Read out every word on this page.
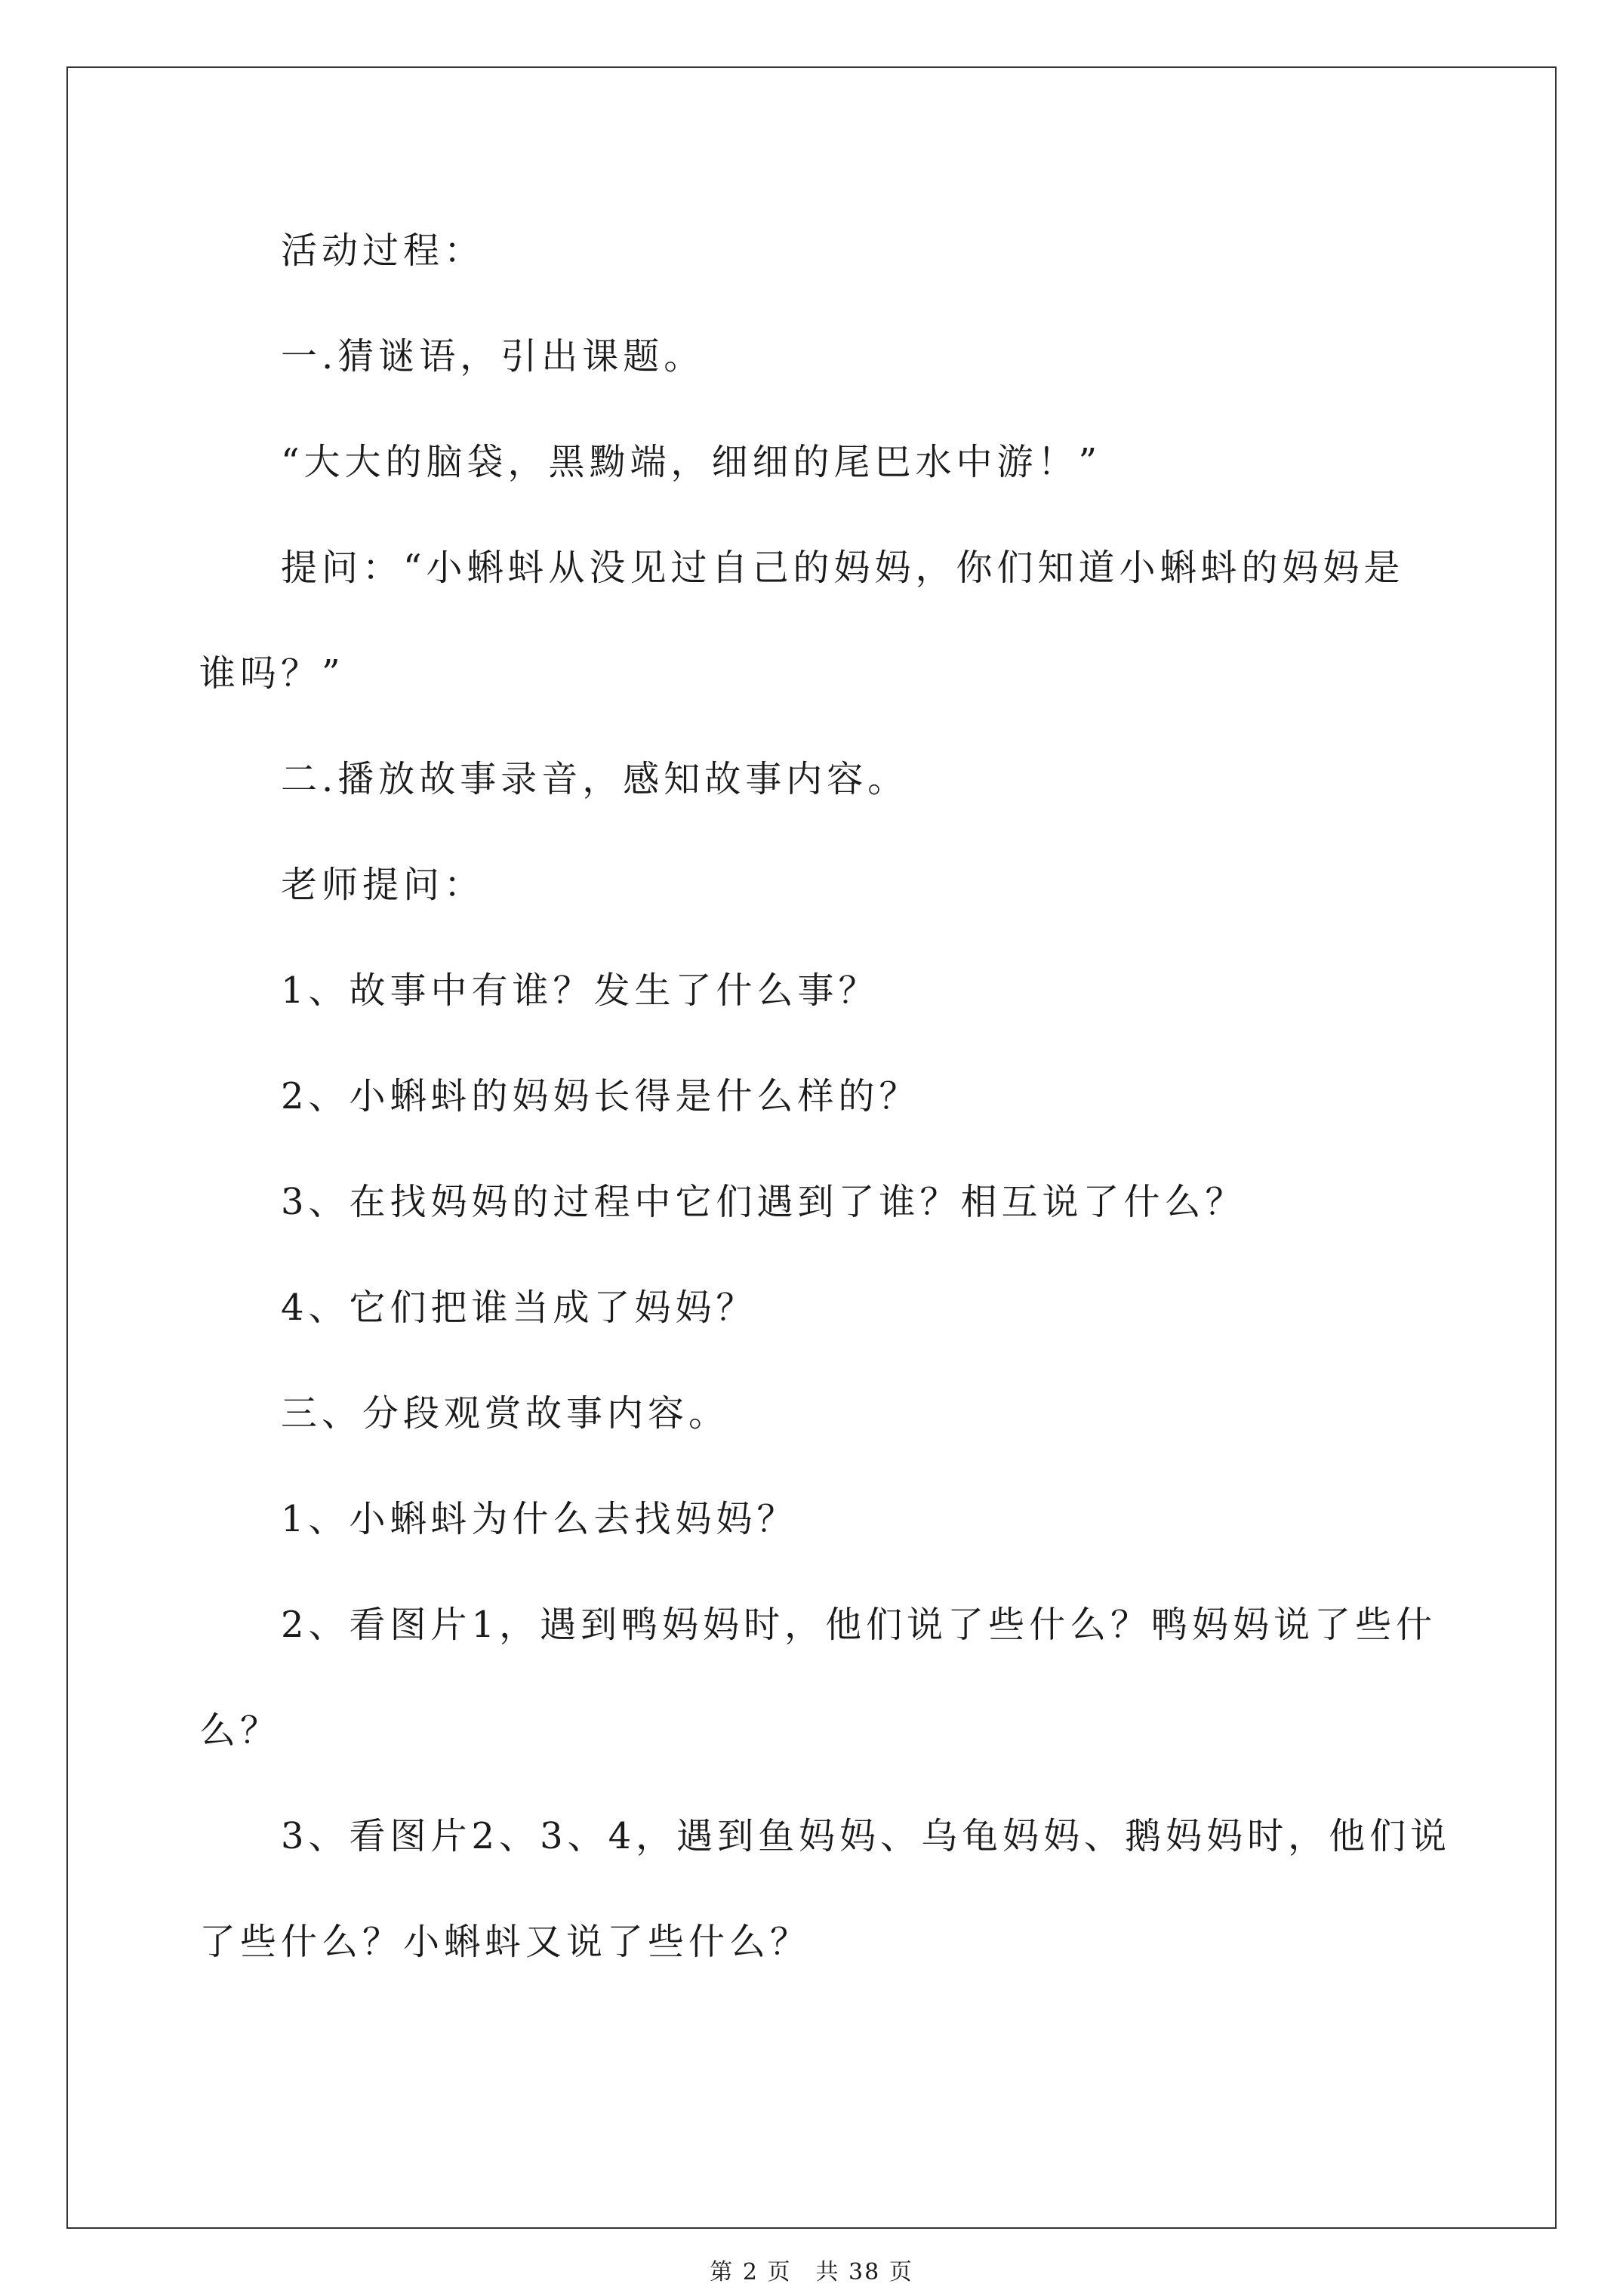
活动过程：
一.猜谜语，引出课题。
“大大的脑袋，黑黝端，细细的尾巴水中游！”
提问：“小蝌蚪从没见过自己的妈妈，你们知道小蝌蚪的妈妈是
谁吗？”
二.播放故事录音，感知故事内容。
老师提问：
1、故事中有谁？发生了什么事？
2、小蝌蚪的妈妈长得是什么样的？
3、在找妈妈的过程中它们遇到了谁？相互说了什么？
4、它们把谁当成了妈妈？
三、分段观赏故事内容。
1、小蝌蚪为什么去找妈妈？
2、看图片1，遇到鸭妈妈时，他们说了些什么？鸭妈妈说了些什
么？
3、看图片2、3、4，遇到鱼妈妈、乌龟妈妈、鹅妈妈时，他们说
了些什么？小蝌蚪又说了些什么？
第 2 页　共 38 页
